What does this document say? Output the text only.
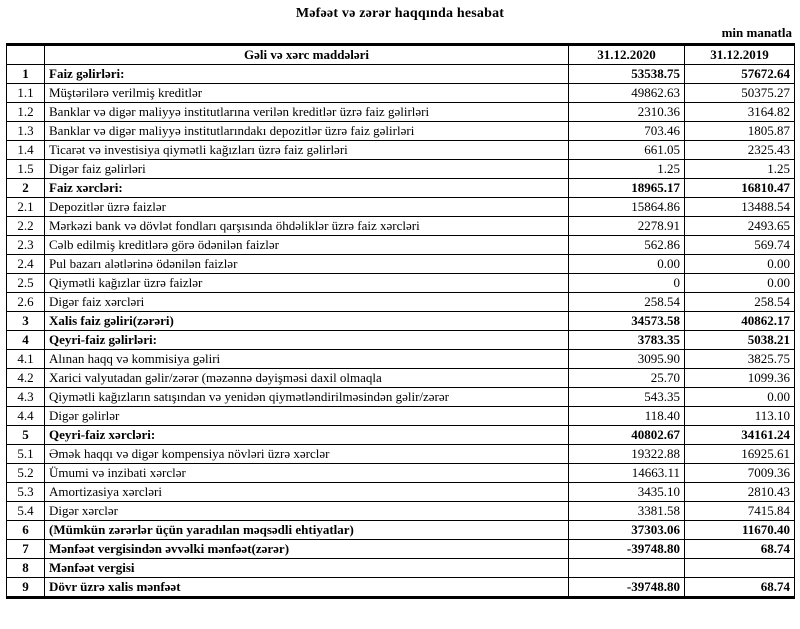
Məfəət və zərər haqqında hesabat
min manatla
	Gəli və xərc maddələri	31.12.2020	31.12.2019
1	Faiz gəlirləri:	53538.75	57672.64
1.1	Müştərilərə verilmiş kreditlər	49862.63	50375.27
1.2	Banklar və digər maliyyə institutlarına verilən kreditlər üzrə faiz gəlirləri	2310.36	3164.82
1.3	Banklar və digər maliyyə institutlarındakı depozitlər üzrə faiz gəlirləri	703.46	1805.87
1.4	Ticarət və investisiya qiymətli kağızları üzrə faiz gəlirləri	661.05	2325.43
1.5	Digər faiz gəlirləri	1.25	1.25
2	Faiz xərcləri:	18965.17	16810.47
2.1	Depozitlər üzrə faizlər	15864.86	13488.54
2.2	Mərkəzi bank və dövlət fondları qarşısında öhdəliklər üzrə faiz xərcləri	2278.91	2493.65
2.3	Cəlb edilmiş kreditlərə görə ödənilən faizlər	562.86	569.74
2.4	Pul bazarı alətlərinə ödənilən faizlər	0.00	0.00
2.5	Qiymətli kağızlar üzrə faizlər	0	0.00
2.6	Digər faiz xərcləri	258.54	258.54
3	Xalis faiz gəliri(zərəri)	34573.58	40862.17
4	Qeyri-faiz gəlirləri:	3783.35	5038.21
4.1	Alınan haqq və kommisiya gəliri	3095.90	3825.75
4.2	Xarici valyutadan gəlir/zərər (məzənnə dəyişməsi daxil olmaqla	25.70	1099.36
4.3	Qiymətli kağızların satışından və yenidən qiymətləndirilməsindən gəlir/zərər	543.35	0.00
4.4	Digər gəlirlər	118.40	113.10
5	Qeyri-faiz xərcləri:	40802.67	34161.24
5.1	Əmək haqqı və digər kompensiya növləri üzrə xərclər	19322.88	16925.61
5.2	Ümumi və inzibati xərclər	14663.11	7009.36
5.3	Amortizasiya xərcləri	3435.10	2810.43
5.4	Digər xərclər	3381.58	7415.84
6	(Mümkün zərərlər üçün yaradılan məqsədli ehtiyatlar)	37303.06	11670.40
7	Mənfəət vergisindən əvvəlki mənfəət(zərər)	-39748.80	68.74
8	Mənfəət vergisi		
9	Dövr üzrə xalis mənfəət	-39748.80	68.74
